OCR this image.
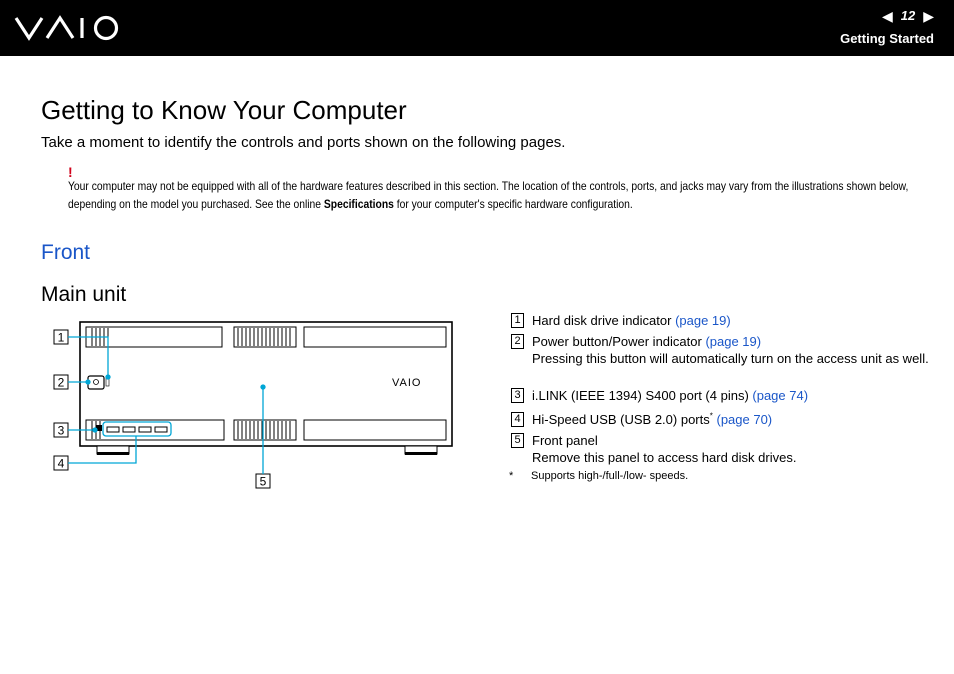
◀ 12 ▶
Getting Started
Getting to Know Your Computer

Take a moment to identify the controls and ports shown on the following pages.

!

Your computer may not be equipped with all of the hardware features described in this section. The location of the controls, ports, and jacks may vary from the illustrations shown below, depending on the model you purchased. See the online Specifications for your computer's specific hardware configuration.

Front
Main unit
1
2
3
4
5
VAIO
1 Hard disk drive indicator (page 19)
2 Power button/Power indicator (page 19)
Pressing this button will automatically turn on the access unit as well.
3 i.LINK (IEEE 1394) S400 port (4 pins) (page 74)
4 Hi-Speed USB (USB 2.0) ports* (page 70)
5 Front panel
Remove this panel to access hard disk drives.
* Supports high-/full-/low- speeds.
